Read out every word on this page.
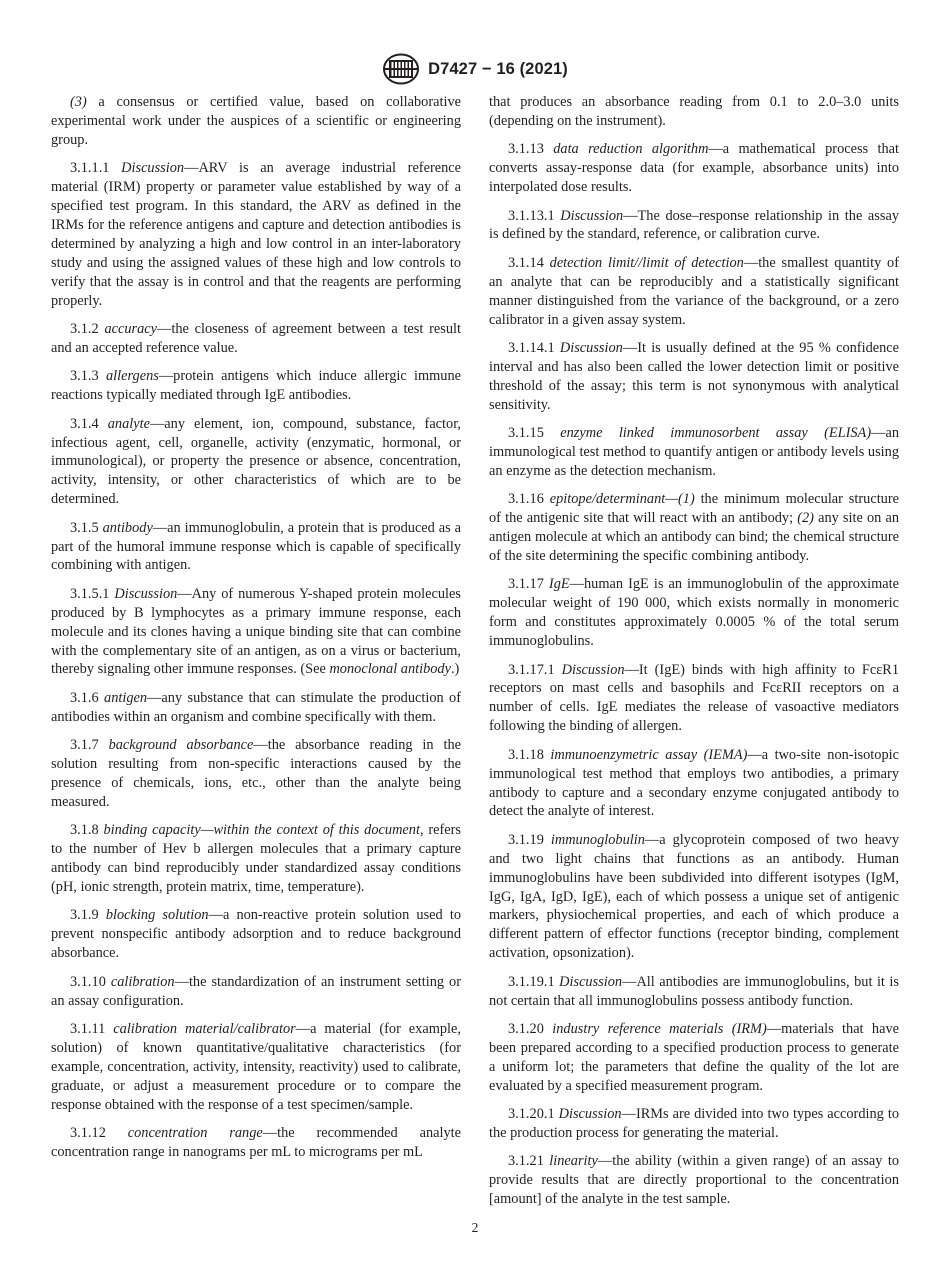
D7427 − 16 (2021)

(3) a consensus or certified value, based on collaborative experimental work under the auspices of a scientific or engineering group.

3.1.1.1 Discussion—ARV is an average industrial reference material (IRM) property or parameter value established by way of a specified test program. In this standard, the ARV as defined in the IRMs for the reference antigens and capture and detection antibodies is determined by analyzing a high and low control in an inter-laboratory study and using the assigned values of these high and low controls to verify that the assay is in control and that the reagents are performing properly.

3.1.2 accuracy—the closeness of agreement between a test result and an accepted reference value.

3.1.3 allergens—protein antigens which induce allergic immune reactions typically mediated through IgE antibodies.

3.1.4 analyte—any element, ion, compound, substance, factor, infectious agent, cell, organelle, activity (enzymatic, hormonal, or immunological), or property the presence or absence, concentration, activity, intensity, or other characteristics of which are to be determined.

3.1.5 antibody—an immunoglobulin, a protein that is produced as a part of the humoral immune response which is capable of specifically combining with antigen.

3.1.5.1 Discussion—Any of numerous Y-shaped protein molecules produced by B lymphocytes as a primary immune response, each molecule and its clones having a unique binding site that can combine with the complementary site of an antigen, as on a virus or bacterium, thereby signaling other immune responses. (See monoclonal antibody.)

3.1.6 antigen—any substance that can stimulate the production of antibodies within an organism and combine specifically with them.

3.1.7 background absorbance—the absorbance reading in the solution resulting from non-specific interactions caused by the presence of chemicals, ions, etc., other than the analyte being measured.

3.1.8 binding capacity—within the context of this document, refers to the number of Hev b allergen molecules that a primary capture antibody can bind reproducibly under standardized assay conditions (pH, ionic strength, protein matrix, time, temperature).

3.1.9 blocking solution—a non-reactive protein solution used to prevent nonspecific antibody adsorption and to reduce background absorbance.

3.1.10 calibration—the standardization of an instrument setting or an assay configuration.

3.1.11 calibration material/calibrator—a material (for example, solution) of known quantitative/qualitative characteristics (for example, concentration, activity, intensity, reactivity) used to calibrate, graduate, or adjust a measurement procedure or to compare the response obtained with the response of a test specimen/sample.

3.1.12 concentration range—the recommended analyte concentration range in nanograms per mL to micrograms per mL

that produces an absorbance reading from 0.1 to 2.0–3.0 units (depending on the instrument).

3.1.13 data reduction algorithm—a mathematical process that converts assay-response data (for example, absorbance units) into interpolated dose results.

3.1.13.1 Discussion—The dose–response relationship in the assay is defined by the standard, reference, or calibration curve.

3.1.14 detection limit//limit of detection—the smallest quantity of an analyte that can be reproducibly and a statistically significant manner distinguished from the variance of the background, or a zero calibrator in a given assay system.

3.1.14.1 Discussion—It is usually defined at the 95 % confidence interval and has also been called the lower detection limit or positive threshold of the assay; this term is not synonymous with analytical sensitivity.

3.1.15 enzyme linked immunosorbent assay (ELISA)—an immunological test method to quantify antigen or antibody levels using an enzyme as the detection mechanism.

3.1.16 epitope/determinant—(1) the minimum molecular structure of the antigenic site that will react with an antibody; (2) any site on an antigen molecule at which an antibody can bind; the chemical structure of the site determining the specific combining antibody.

3.1.17 IgE—human IgE is an immunoglobulin of the approximate molecular weight of 190 000, which exists normally in monomeric form and constitutes approximately 0.0005 % of the total serum immunoglobulins.

3.1.17.1 Discussion—It (IgE) binds with high affinity to FcεR1 receptors on mast cells and basophils and FcεRII receptors on a number of cells. IgE mediates the release of vasoactive mediators following the binding of allergen.

3.1.18 immunoenzymetric assay (IEMA)—a two-site non-isotopic immunological test method that employs two antibodies, a primary antibody to capture and a secondary enzyme conjugated antibody to detect the analyte of interest.

3.1.19 immunoglobulin—a glycoprotein composed of two heavy and two light chains that functions as an antibody. Human immunoglobulins have been subdivided into different isotypes (IgM, IgG, IgA, IgD, IgE), each of which possess a unique set of antigenic markers, physiochemical properties, and each of which produce a different pattern of effector functions (receptor binding, complement activation, opsonization).

3.1.19.1 Discussion—All antibodies are immunoglobulins, but it is not certain that all immunoglobulins possess antibody function.

3.1.20 industry reference materials (IRM)—materials that have been prepared according to a specified production process to generate a uniform lot; the parameters that define the quality of the lot are evaluated by a specified measurement program.

3.1.20.1 Discussion—IRMs are divided into two types according to the production process for generating the material.

3.1.21 linearity—the ability (within a given range) of an assay to provide results that are directly proportional to the concentration [amount] of the analyte in the test sample.

2
